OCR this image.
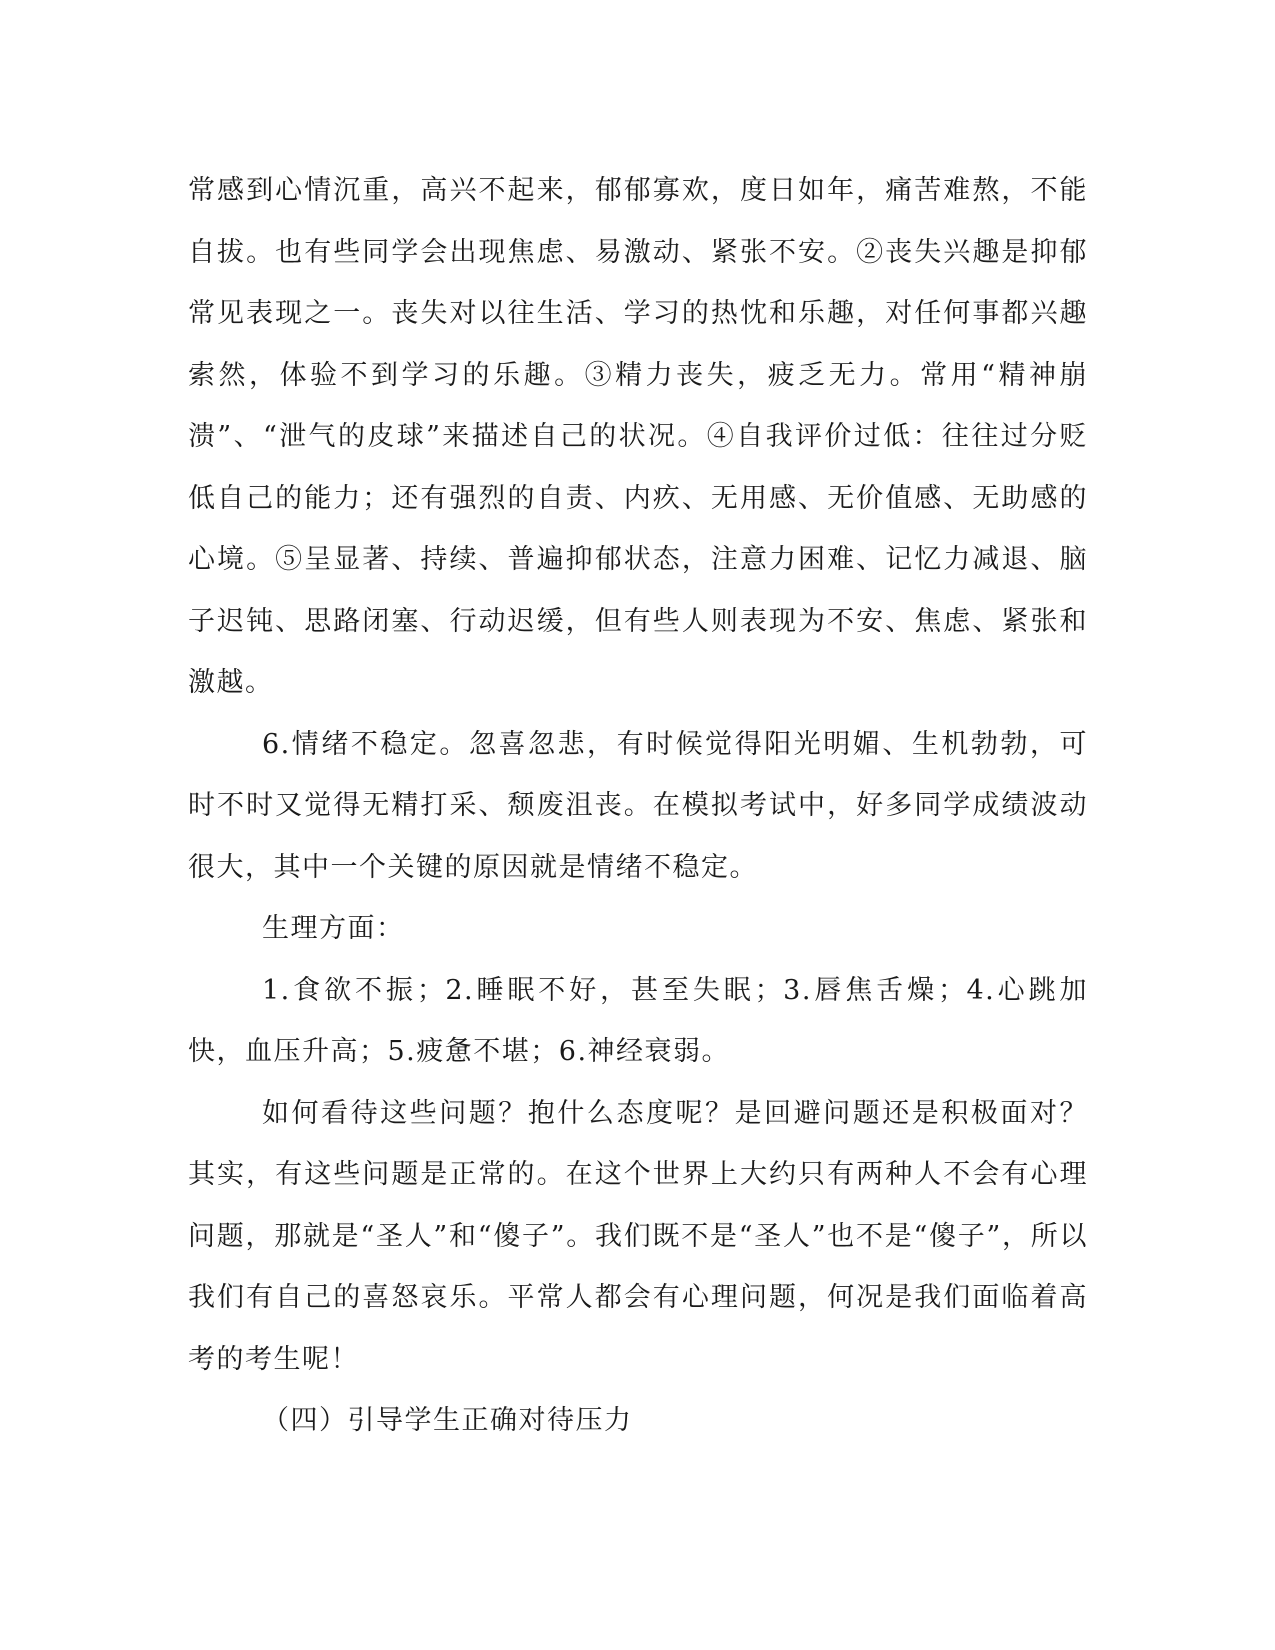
常感到心情沉重，高兴不起来，郁郁寡欢，度日如年，痛苦难熬，不能自拔。也有些同学会出现焦虑、易激动、紧张不安。②丧失兴趣是抑郁常见表现之一。丧失对以往生活、学习的热忱和乐趣，对任何事都兴趣索然，体验不到学习的乐趣。③精力丧失，疲乏无力。常用“精神崩溃”、“泄气的皮球”来描述自己的状况。④自我评价过低：往往过分贬低自己的能力；还有强烈的自责、内疚、无用感、无价值感、无助感的心境。⑤呈显著、持续、普遍抑郁状态，注意力困难、记忆力减退、脑子迟钝、思路闭塞、行动迟缓，但有些人则表现为不安、焦虑、紧张和激越。

6.情绪不稳定。忽喜忽悲，有时候觉得阳光明媚、生机勃勃，可时不时又觉得无精打采、颓废沮丧。在模拟考试中，好多同学成绩波动很大，其中一个关键的原因就是情绪不稳定。

生理方面：

1.食欲不振；2.睡眠不好，甚至失眠；3.唇焦舌燥；4.心跳加快，血压升高；5.疲惫不堪；6.神经衰弱。

如何看待这些问题？抱什么态度呢？是回避问题还是积极面对？其实，有这些问题是正常的。在这个世界上大约只有两种人不会有心理问题，那就是“圣人”和“傻子”。我们既不是“圣人”也不是“傻子”，所以我们有自己的喜怒哀乐。平常人都会有心理问题，何况是我们面临着高考的考生呢！

（四）引导学生正确对待压力
